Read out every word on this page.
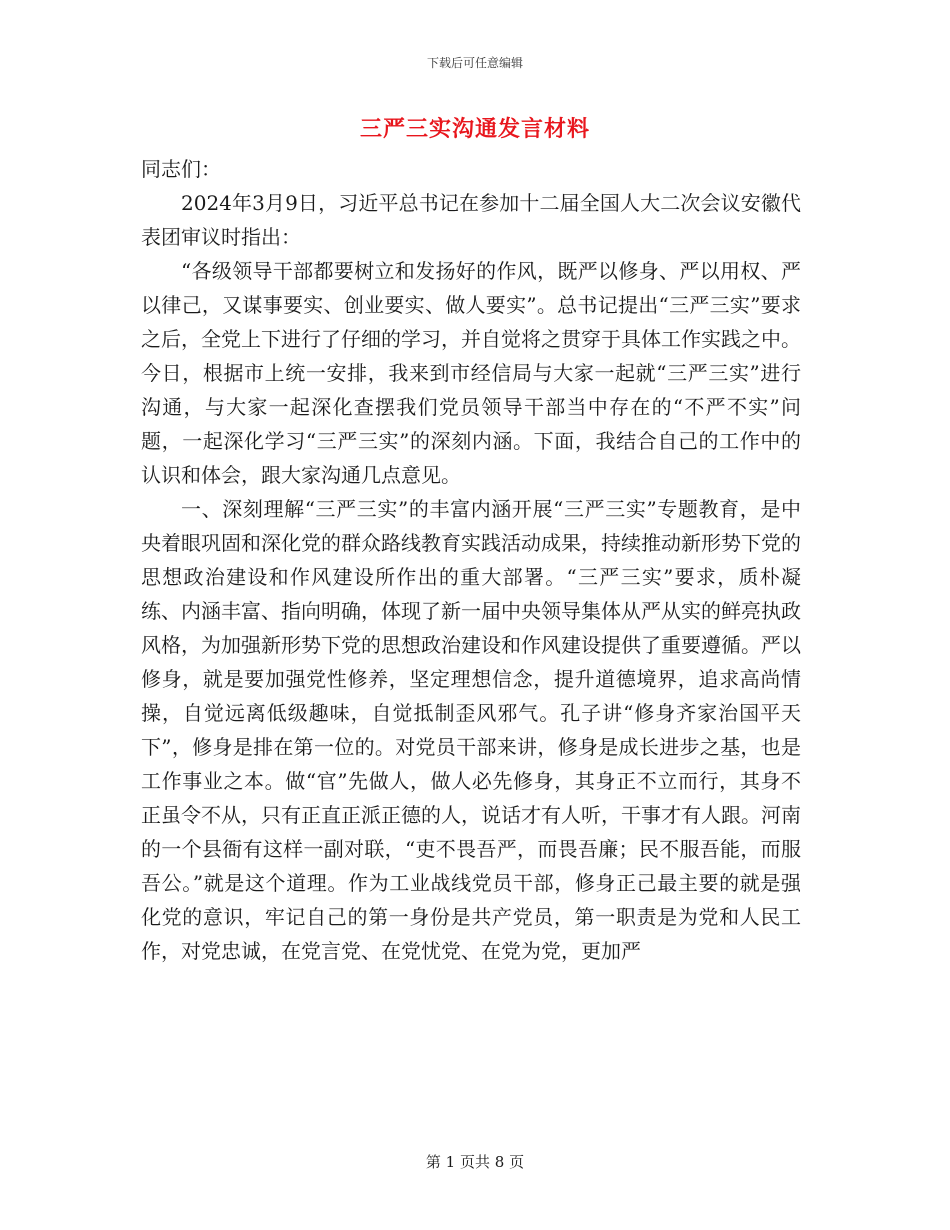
下载后可任意编辑
三严三实沟通发言材料

同志们：

2024年3月9日，习近平总书记在参加十二届全国人大二次会议安徽代表团审议时指出：

“各级领导干部都要树立和发扬好的作风，既严以修身、严以用权、严以律己，又谋事要实、创业要实、做人要实”。总书记提出“三严三实”要求之后，全党上下进行了仔细的学习，并自觉将之贯穿于具体工作实践之中。今日，根据市上统一安排，我来到市经信局与大家一起就“三严三实”进行沟通，与大家一起深化查摆我们党员领导干部当中存在的“不严不实”问题，一起深化学习“三严三实”的深刻内涵。下面，我结合自己的工作中的认识和体会，跟大家沟通几点意见。

一、深刻理解“三严三实”的丰富内涵开展“三严三实”专题教育，是中央着眼巩固和深化党的群众路线教育实践活动成果，持续推动新形势下党的思想政治建设和作风建设所作出的重大部署。“三严三实”要求，质朴凝练、内涵丰富、指向明确，体现了新一届中央领导集体从严从实的鲜亮执政风格，为加强新形势下党的思想政治建设和作风建设提供了重要遵循。严以修身，就是要加强党性修养，坚定理想信念，提升道德境界，追求高尚情操，自觉远离低级趣味，自觉抵制歪风邪气。孔子讲“修身齐家治国平天下”，修身是排在第一位的。对党员干部来讲，修身是成长进步之基，也是工作事业之本。做“官”先做人，做人必先修身，其身正不立而行，其身不正虽令不从，只有正直正派正德的人，说话才有人听，干事才有人跟。河南的一个县衙有这样一副对联，“吏不畏吾严，而畏吾廉；民不服吾能，而服吾公。”就是这个道理。作为工业战线党员干部，修身正己最主要的就是强化党的意识，牢记自己的第一身份是共产党员，第一职责是为党和人民工作，对党忠诚，在党言党、在党忧党、在党为党，更加严

第 1 页共 8 页
